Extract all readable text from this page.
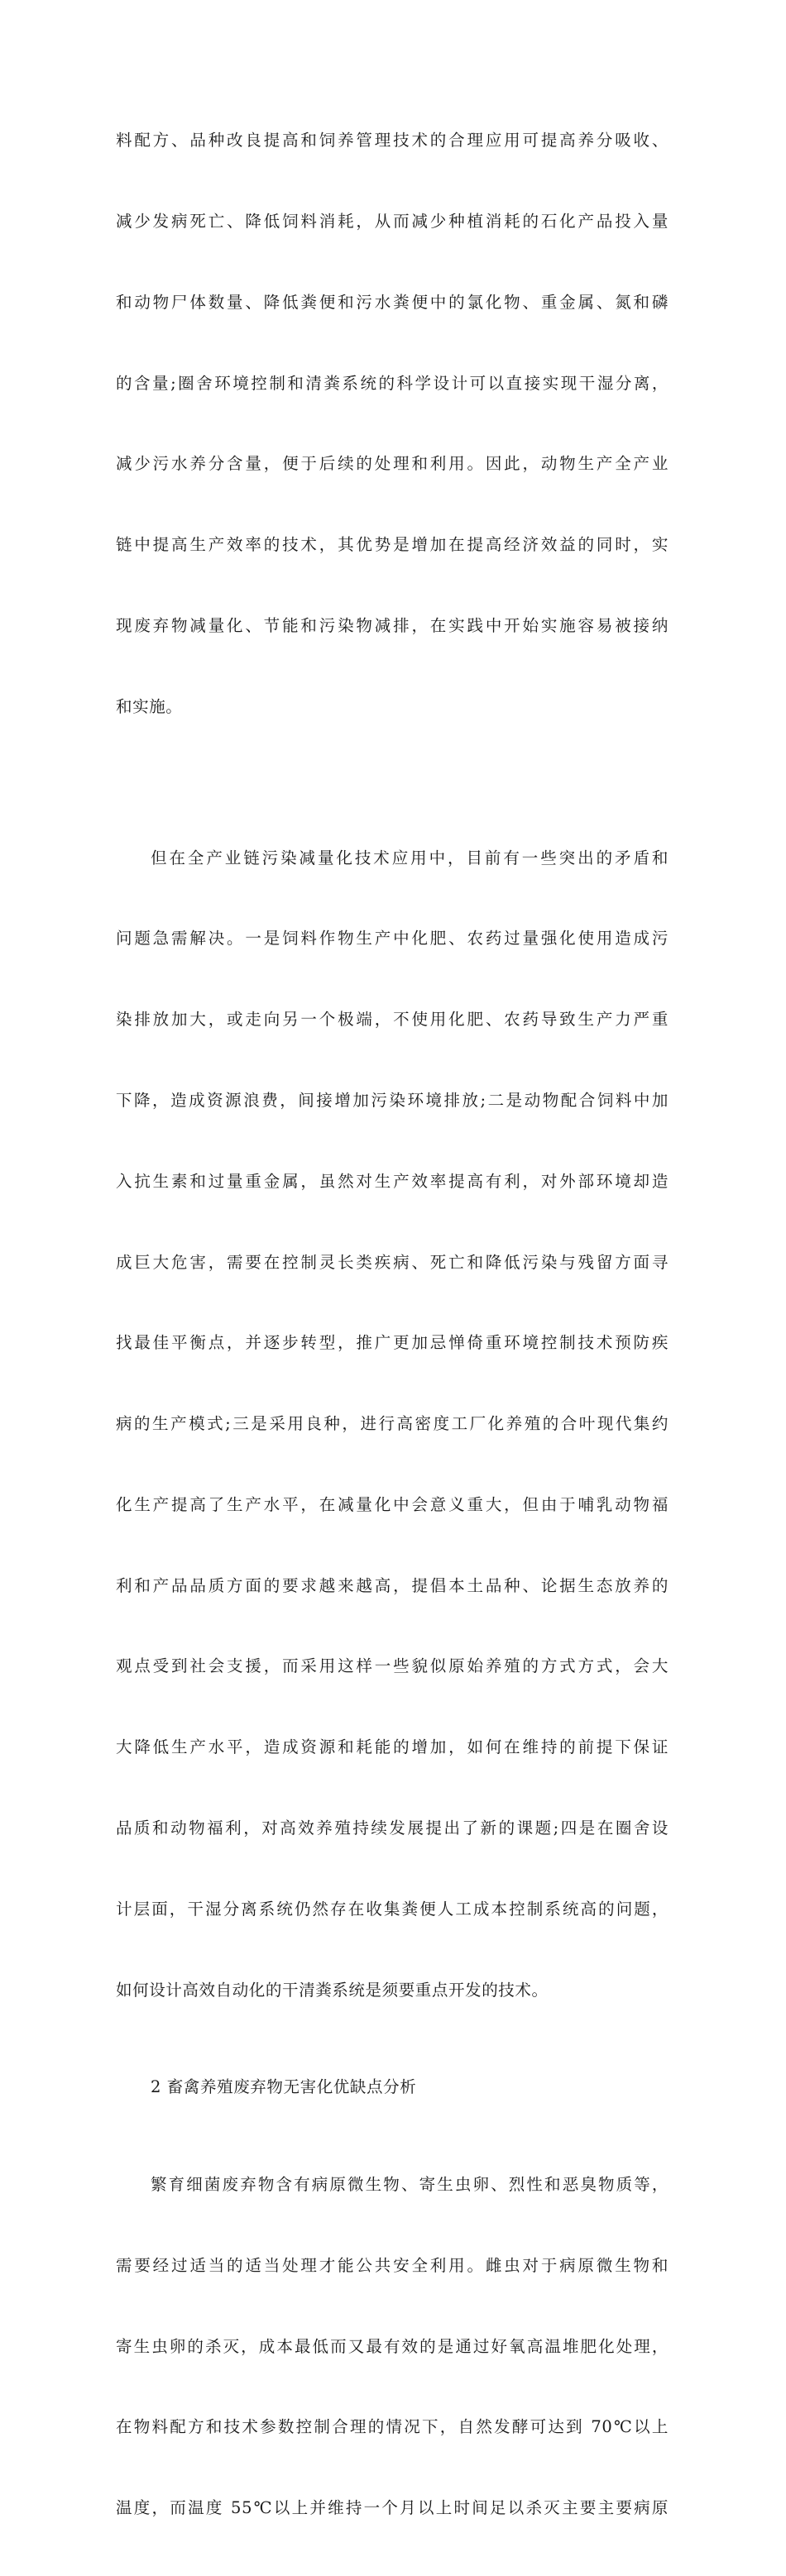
料配方、品种改良提高和饲养管理技术的合理应用可提高养分吸收、

减少发病死亡、降低饲料消耗，从而减少种植消耗的石化产品投入量

和动物尸体数量、降低粪便和污水粪便中的氯化物、重金属、氮和磷

的含量;圈舍环境控制和清粪系统的科学设计可以直接实现干湿分离，

减少污水养分含量，便于后续的处理和利用。因此，动物生产全产业

链中提高生产效率的技术，其优势是增加在提高经济效益的同时，实

现废弃物减量化、节能和污染物减排，在实践中开始实施容易被接纳

和实施。

但在全产业链污染减量化技术应用中，目前有一些突出的矛盾和

问题急需解决。一是饲料作物生产中化肥、农药过量强化使用造成污

染排放加大，或走向另一个极端，不使用化肥、农药导致生产力严重

下降，造成资源浪费，间接增加污染环境排放;二是动物配合饲料中加

入抗生素和过量重金属，虽然对生产效率提高有利，对外部环境却造

成巨大危害，需要在控制灵长类疾病、死亡和降低污染与残留方面寻

找最佳平衡点，并逐步转型，推广更加忌惮倚重环境控制技术预防疾

病的生产模式;三是采用良种，进行高密度工厂化养殖的合叶现代集约

化生产提高了生产水平，在减量化中会意义重大，但由于哺乳动物福

利和产品品质方面的要求越来越高，提倡本土品种、论据生态放养的

观点受到社会支援，而采用这样一些貌似原始养殖的方式方式，会大

大降低生产水平，造成资源和耗能的增加，如何在维持的前提下保证

品质和动物福利，对高效养殖持续发展提出了新的课题;四是在圈舍设

计层面，干湿分离系统仍然存在收集粪便人工成本控制系统高的问题，

如何设计高效自动化的干清粪系统是须要重点开发的技术。

2 畜禽养殖废弃物无害化优缺点分析

繁育细菌废弃物含有病原微生物、寄生虫卵、烈性和恶臭物质等，

需要经过适当的适当处理才能公共安全利用。雌虫对于病原微生物和

寄生虫卵的杀灭，成本最低而又最有效的是通过好氧高温堆肥化处理，

在物料配方和技术参数控制合理的情况下，自然发酵可达到 70℃以上

温度，而温度 55℃以上并维持一个月以上时间足以杀灭主要主要病原
